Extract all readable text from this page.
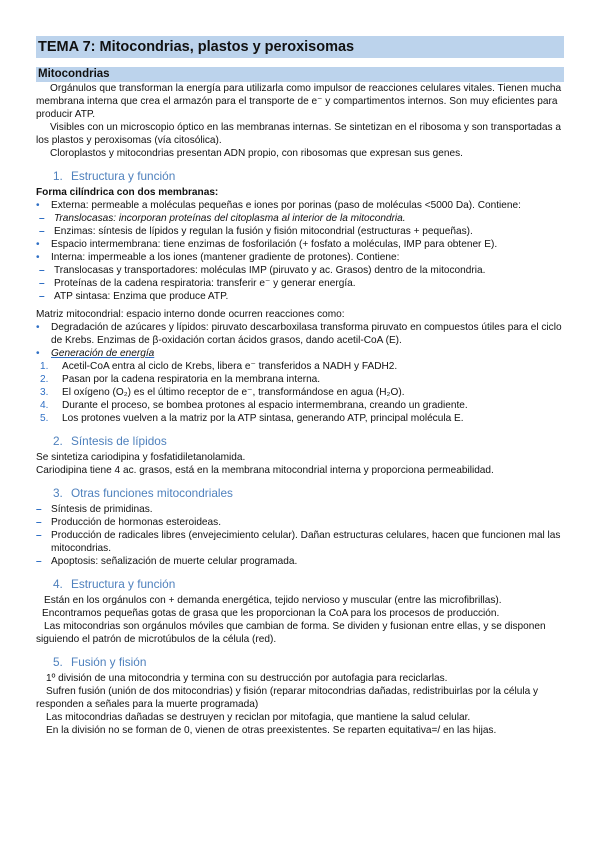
TEMA 7: Mitocondrias, plastos y peroxisomas
Mitocondrias

Orgánulos que transforman la energía para utilizarla como impulsor de reacciones celulares vitales. Tienen mucha membrana interna que crea el armazón para el transporte de e⁻ y compartimentos internos. Son muy eficientes para producir ATP.

Visibles con un microscopio óptico en las membranas internas. Se sintetizan en el ribosoma y son transportadas a los plastos y peroxisomas (vía citosólica).

Cloroplastos y mitocondrias presentan ADN propio, con ribosomas que expresan sus genes.

1. Estructura y función

Forma cilíndrica con dos membranas:

•	Externa: permeable a moléculas pequeñas e iones por porinas (paso de moléculas <5000 Da). Contiene:
– Translocasas: incorporan proteínas del citoplasma al interior de la mitocondria.
– Enzimas: síntesis de lípidos y regulan la fusión y fisión mitocondrial (estructuras + pequeñas).
•	Espacio intermembrana: tiene enzimas de fosforilación (+ fosfato a moléculas, IMP para obtener E).
•	Interna: impermeable a los iones (mantener gradiente de protones). Contiene:
– Translocasas y transportadores: moléculas IMP (piruvato y ac. Grasos) dentro de la mitocondria.
– Proteínas de la cadena respiratoria: transferir e⁻ y generar energía.
– ATP sintasa: Enzima que produce ATP.

Matriz mitocondrial: espacio interno donde ocurren reacciones como:

•	Degradación de azúcares y lípidos: piruvato descarboxilasa transforma piruvato en compuestos útiles para el ciclo de Krebs. Enzimas de β-oxidación cortan ácidos grasos, dando acetil-CoA (E).
•	Generación de energía
1.	Acetil-CoA entra al ciclo de Krebs, libera e⁻ transferidos a NADH y FADH2.
2.	Pasan por la cadena respiratoria en la membrana interna.
3.	El oxígeno (O₂) es el último receptor de e⁻, transformándose en agua (H₂O).
4.	Durante el proceso, se bombea protones al espacio intermembrana, creando un gradiente.
5.	Los protones vuelven a la matriz por la ATP sintasa, generando ATP, principal molécula E.
2. Síntesis de lípidos

Se sintetiza cariodipina y fosfatidiletanolamida.

Cariodipina tiene 4 ac. grasos, está en la membrana mitocondrial interna y proporciona permeabilidad.

3. Otras funciones mitocondriales
– Síntesis de primidinas.
– Producción de hormonas esteroideas.
– Producción de radicales libres (envejecimiento celular). Dañan estructuras celulares, hacen que funcionen mal las mitocondrias.
– Apoptosis: señalización de muerte celular programada.
4. Estructura y función

Están en los orgánulos con + demanda energética, tejido nervioso y muscular (entre las microfibrillas).

Encontramos pequeñas gotas de grasa que les proporcionan la CoA para los procesos de producción.

Las mitocondrias son orgánulos móviles que cambian de forma. Se dividen y fusionan entre ellas, y se disponen siguiendo el patrón de microtúbulos de la célula (red).

5. Fusión y fisión

1º división de una mitocondria y termina con su destrucción por autofagia para reciclarlas.

Sufren fusión (unión de dos mitocondrias) y fisión (reparar mitocondrias dañadas, redistribuirlas por la célula y responden a señales para la muerte programada)

Las mitocondrias dañadas se destruyen y reciclan por mitofagia, que mantiene la salud celular.

En la división no se forman de 0, vienen de otras preexistentes. Se reparten equitativa=/ en las hijas.
